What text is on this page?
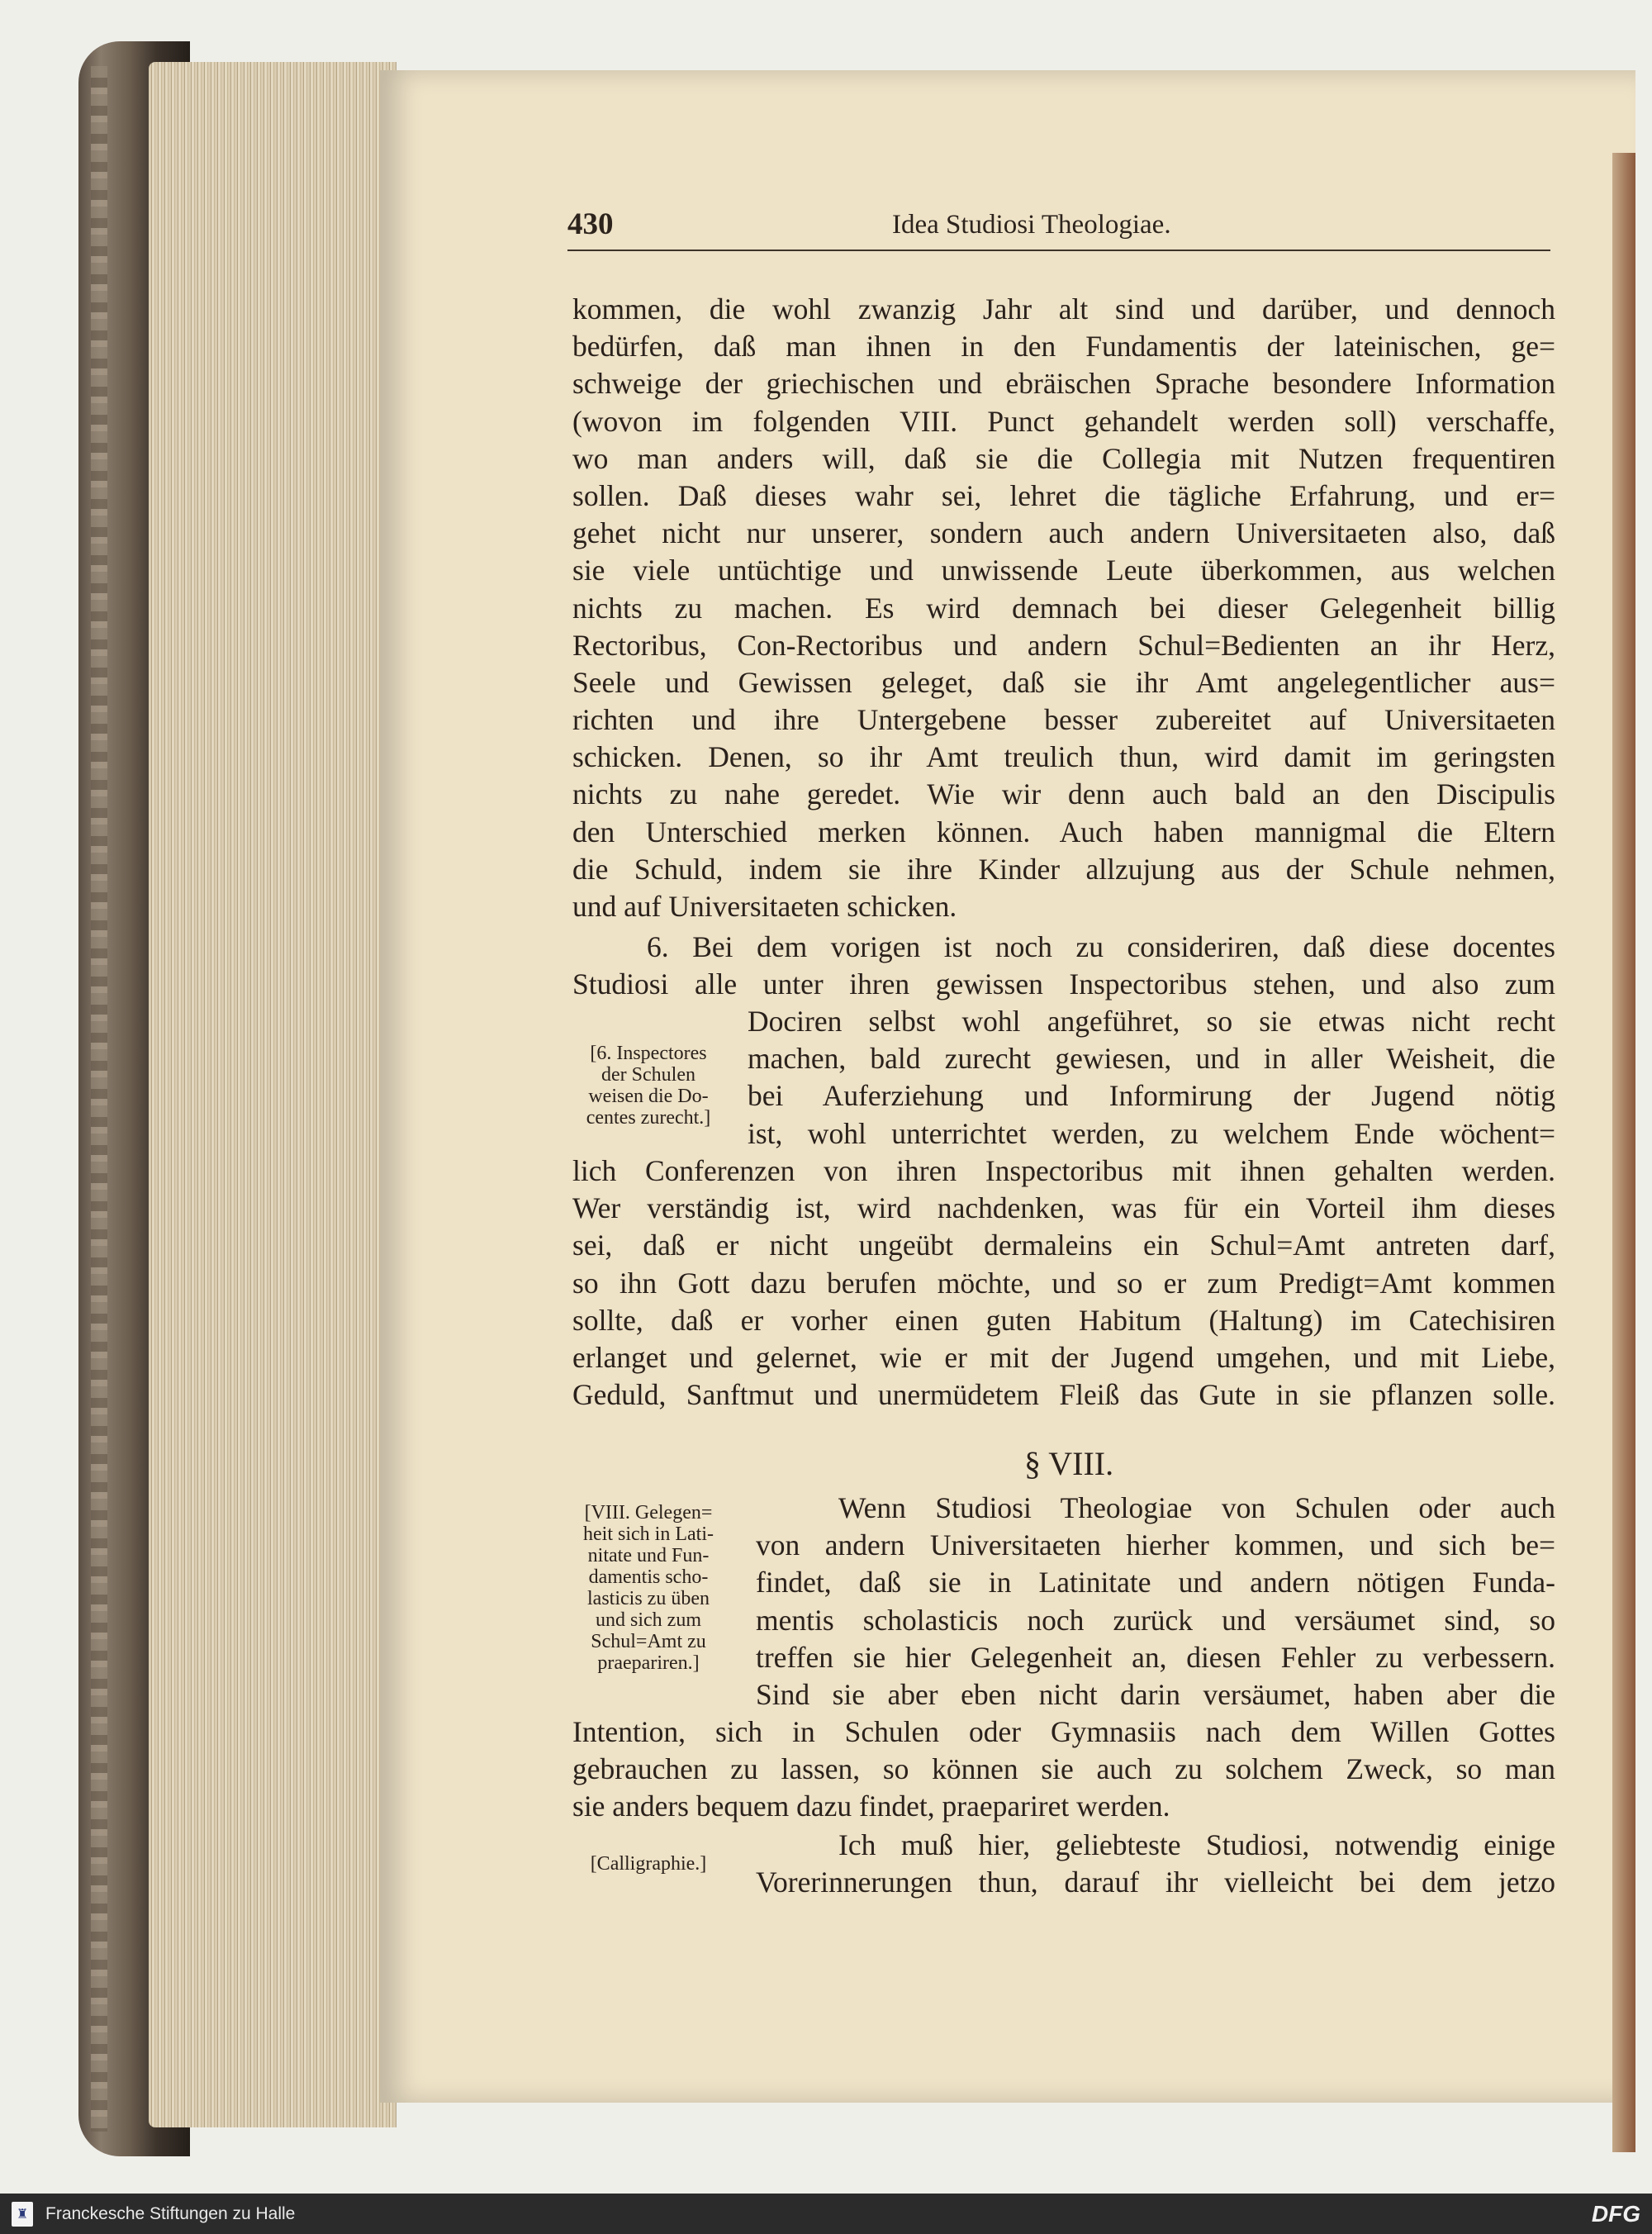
430	Idea Studiosi Theologiae.
kommen, die wohl zwanzig Jahr alt sind und darüber, und dennoch
bedürfen, daß man ihnen in den Fundamentis der lateinischen, ge=
schweige der griechischen und ebräischen Sprache besondere Information
(wovon im folgenden VIII. Punct gehandelt werden soll) verschaffe,
wo man anders will, daß sie die Collegia mit Nutzen frequentiren
sollen. Daß dieses wahr sei, lehret die tägliche Erfahrung, und er=
gehet nicht nur unserer, sondern auch andern Universitaeten also, daß
sie viele untüchtige und unwissende Leute überkommen, aus welchen
nichts zu machen. Es wird demnach bei dieser Gelegenheit billig
Rectoribus, Con-Rectoribus und andern Schul=Bedienten an ihr Herz,
Seele und Gewissen geleget, daß sie ihr Amt angelegentlicher aus=
richten und ihre Untergebene besser zubereitet auf Universitaeten
schicken. Denen, so ihr Amt treulich thun, wird damit im geringsten
nichts zu nahe geredet. Wie wir denn auch bald an den Discipulis
den Unterschied merken können. Auch haben mannigmal die Eltern
die Schuld, indem sie ihre Kinder allzujung aus der Schule nehmen,
und auf Universitaeten schicken.
6. Bei dem vorigen ist noch zu consideriren, daß diese docentes
Studiosi alle unter ihren gewissen Inspectoribus stehen, und also zum
Dociren selbst wohl angeführet, so sie etwas nicht recht
machen, bald zurecht gewiesen, und in aller Weisheit, die
bei Auferziehung und Informirung der Jugend nötig
ist, wohl unterrichtet werden, zu welchem Ende wöchent=
[6. Inspectores
der Schulen
weisen die Do-
centes zurecht.]
lich Conferenzen von ihren Inspectoribus mit ihnen gehalten werden.
Wer verständig ist, wird nachdenken, was für ein Vorteil ihm dieses
sei, daß er nicht ungeübt dermaleins ein Schul=Amt antreten darf,
so ihn Gott dazu berufen möchte, und so er zum Predigt=Amt kommen
sollte, daß er vorher einen guten Habitum (Haltung) im Catechisiren
erlanget und gelernet, wie er mit der Jugend umgehen, und mit Liebe,
Geduld, Sanftmut und unermüdetem Fleiß das Gute in sie pflanzen solle.
§ VIII.
Wenn Studiosi Theologiae von Schulen oder auch
von andern Universitaeten hierher kommen, und sich be=
findet, daß sie in Latinitate und andern nötigen Funda-
mentis scholasticis noch zurück und versäumet sind, so
treffen sie hier Gelegenheit an, diesen Fehler zu verbessern.
Sind sie aber eben nicht darin versäumet, haben aber die
[VIII. Gelegen=
heit sich in Lati-
nitate und Fun-
damentis scho-
lasticis zu üben
und sich zum
Schul=Amt zu
praepariren.]
Intention, sich in Schulen oder Gymnasiis nach dem Willen Gottes
gebrauchen zu lassen, so können sie auch zu solchem Zweck, so man
sie anders bequem dazu findet, praepariret werden.
Ich muß hier, geliebteste Studiosi, notwendig einige
Vorerinnerungen thun, darauf ihr vielleicht bei dem jetzo
[Calligraphie.]
♜ Franckesche Stiftungen zu Halle	DFG
